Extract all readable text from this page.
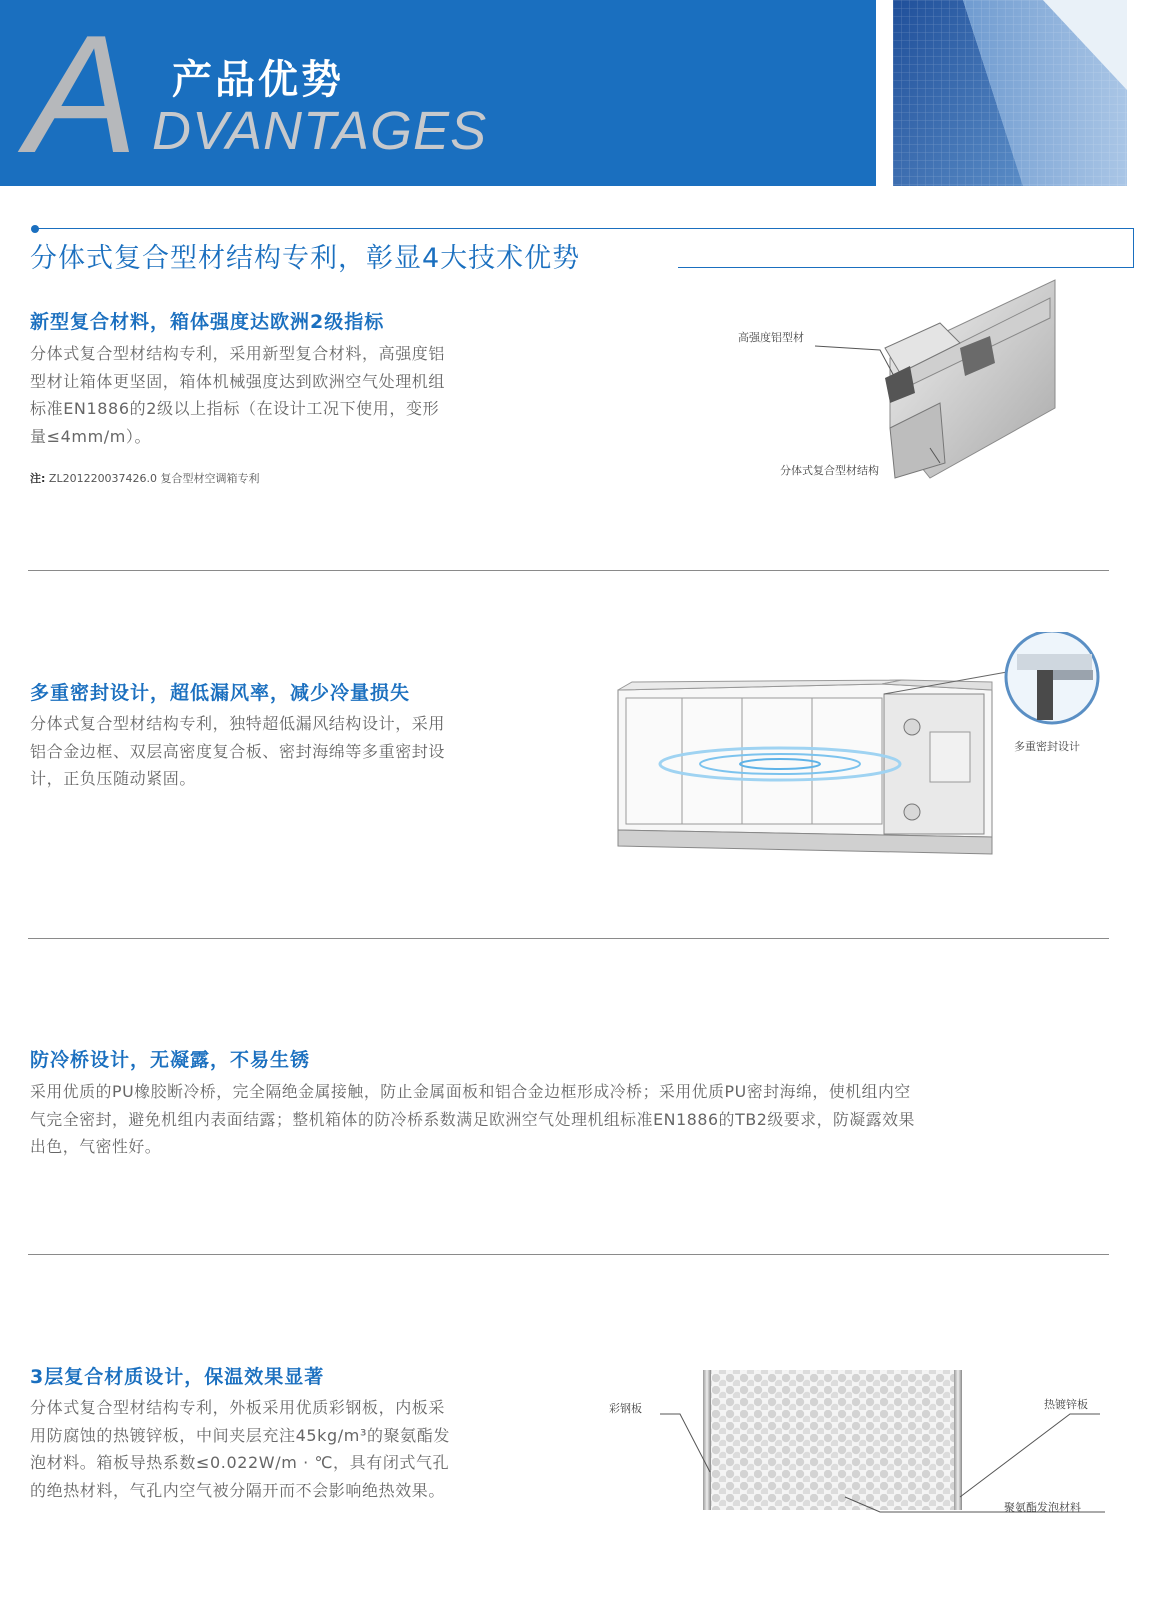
A 产品优势
DVANTAGES
分体式复合型材结构专利，彰显4大技术优势
新型复合材料，箱体强度达欧洲2级指标
分体式复合型材结构专利，采用新型复合材料，高强度铝
型材让箱体更坚固，箱体机械强度达到欧洲空气处理机组
标准EN1886的2级以上指标（在设计工况下使用，变形
量≤4mm/m）。
注: ZL201220037426.0 复合型材空调箱专利
高强度铝型材
分体式复合型材结构
多重密封设计，超低漏风率，减少冷量损失
分体式复合型材结构专利，独特超低漏风结构设计，采用
铝合金边框、双层高密度复合板、密封海绵等多重密封设
计，正负压随动紧固。
多重密封设计
防冷桥设计，无凝露，不易生锈
采用优质的PU橡胶断冷桥，完全隔绝金属接触，防止金属面板和铝合金边框形成冷桥；采用优质PU密封海绵，使机组内空
气完全密封，避免机组内表面结露；整机箱体的防冷桥系数满足欧洲空气处理机组标准EN1886的TB2级要求，防凝露效果
出色，气密性好。
3层复合材质设计，保温效果显著
分体式复合型材结构专利，外板采用优质彩钢板，内板采
用防腐蚀的热镀锌板，中间夹层充注45kg/m³的聚氨酯发
泡材料。箱板导热系数≤0.022W/m · ℃，具有闭式气孔
的绝热材料，气孔内空气被分隔开而不会影响绝热效果。
彩钢板	热镀锌板
聚氨酯发泡材料
